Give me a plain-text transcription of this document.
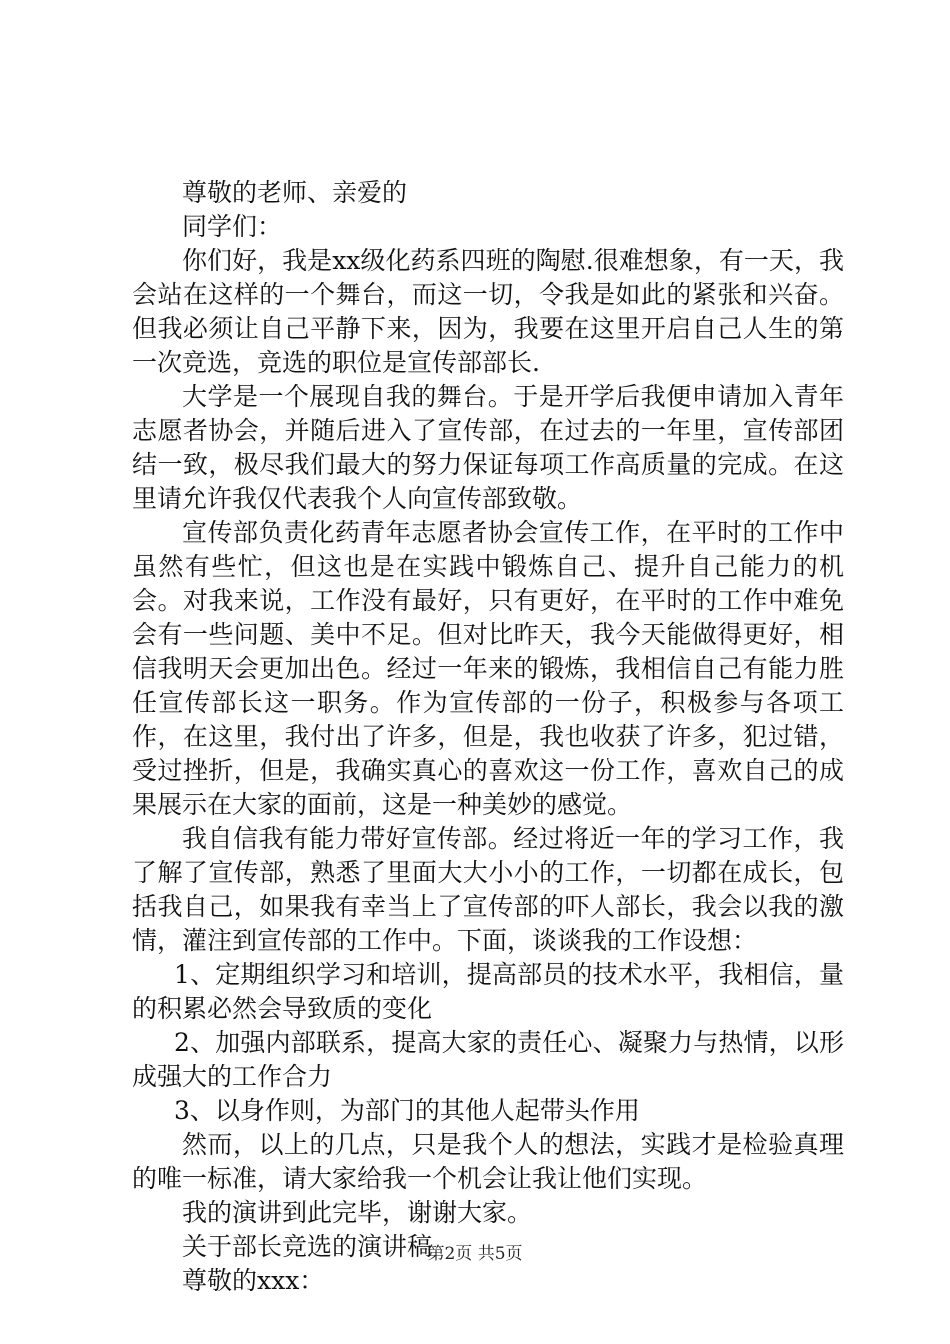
尊敬的老师、亲爱的

同学们：

你们好，我是xx级化药系四班的陶慰.很难想象，有一天，我会站在这样的一个舞台，而这一切，令我是如此的紧张和兴奋。但我必须让自己平静下来，因为，我要在这里开启自己人生的第一次竞选，竞选的职位是宣传部部长.

大学是一个展现自我的舞台。于是开学后我便申请加入青年志愿者协会，并随后进入了宣传部，在过去的一年里，宣传部团结一致，极尽我们最大的努力保证每项工作高质量的完成。在这里请允许我仅代表我个人向宣传部致敬。

宣传部负责化药青年志愿者协会宣传工作，在平时的工作中虽然有些忙，但这也是在实践中锻炼自己、提升自己能力的机会。对我来说，工作没有最好，只有更好，在平时的工作中难免会有一些问题、美中不足。但对比昨天，我今天能做得更好，相信我明天会更加出色。经过一年来的锻炼，我相信自己有能力胜任宣传部长这一职务。作为宣传部的一份子，积极参与各项工作，在这里，我付出了许多，但是，我也收获了许多，犯过错，受过挫折，但是，我确实真心的喜欢这一份工作，喜欢自己的成果展示在大家的面前，这是一种美妙的感觉。

我自信我有能力带好宣传部。经过将近一年的学习工作，我了解了宣传部，熟悉了里面大大小小的工作，一切都在成长，包括我自己，如果我有幸当上了宣传部的吓人部长，我会以我的激情，灌注到宣传部的工作中。下面，谈谈我的工作设想：

1、定期组织学习和培训，提高部员的技术水平，我相信，量的积累必然会导致质的变化

2、加强内部联系，提高大家的责任心、凝聚力与热情，以形成强大的工作合力

3、以身作则，为部门的其他人起带头作用

然而，以上的几点，只是我个人的想法，实践才是检验真理的唯一标准，请大家给我一个机会让我让他们实现。

我的演讲到此完毕，谢谢大家。

关于部长竞选的演讲稿

尊敬的xxx：

第2页 共5页
